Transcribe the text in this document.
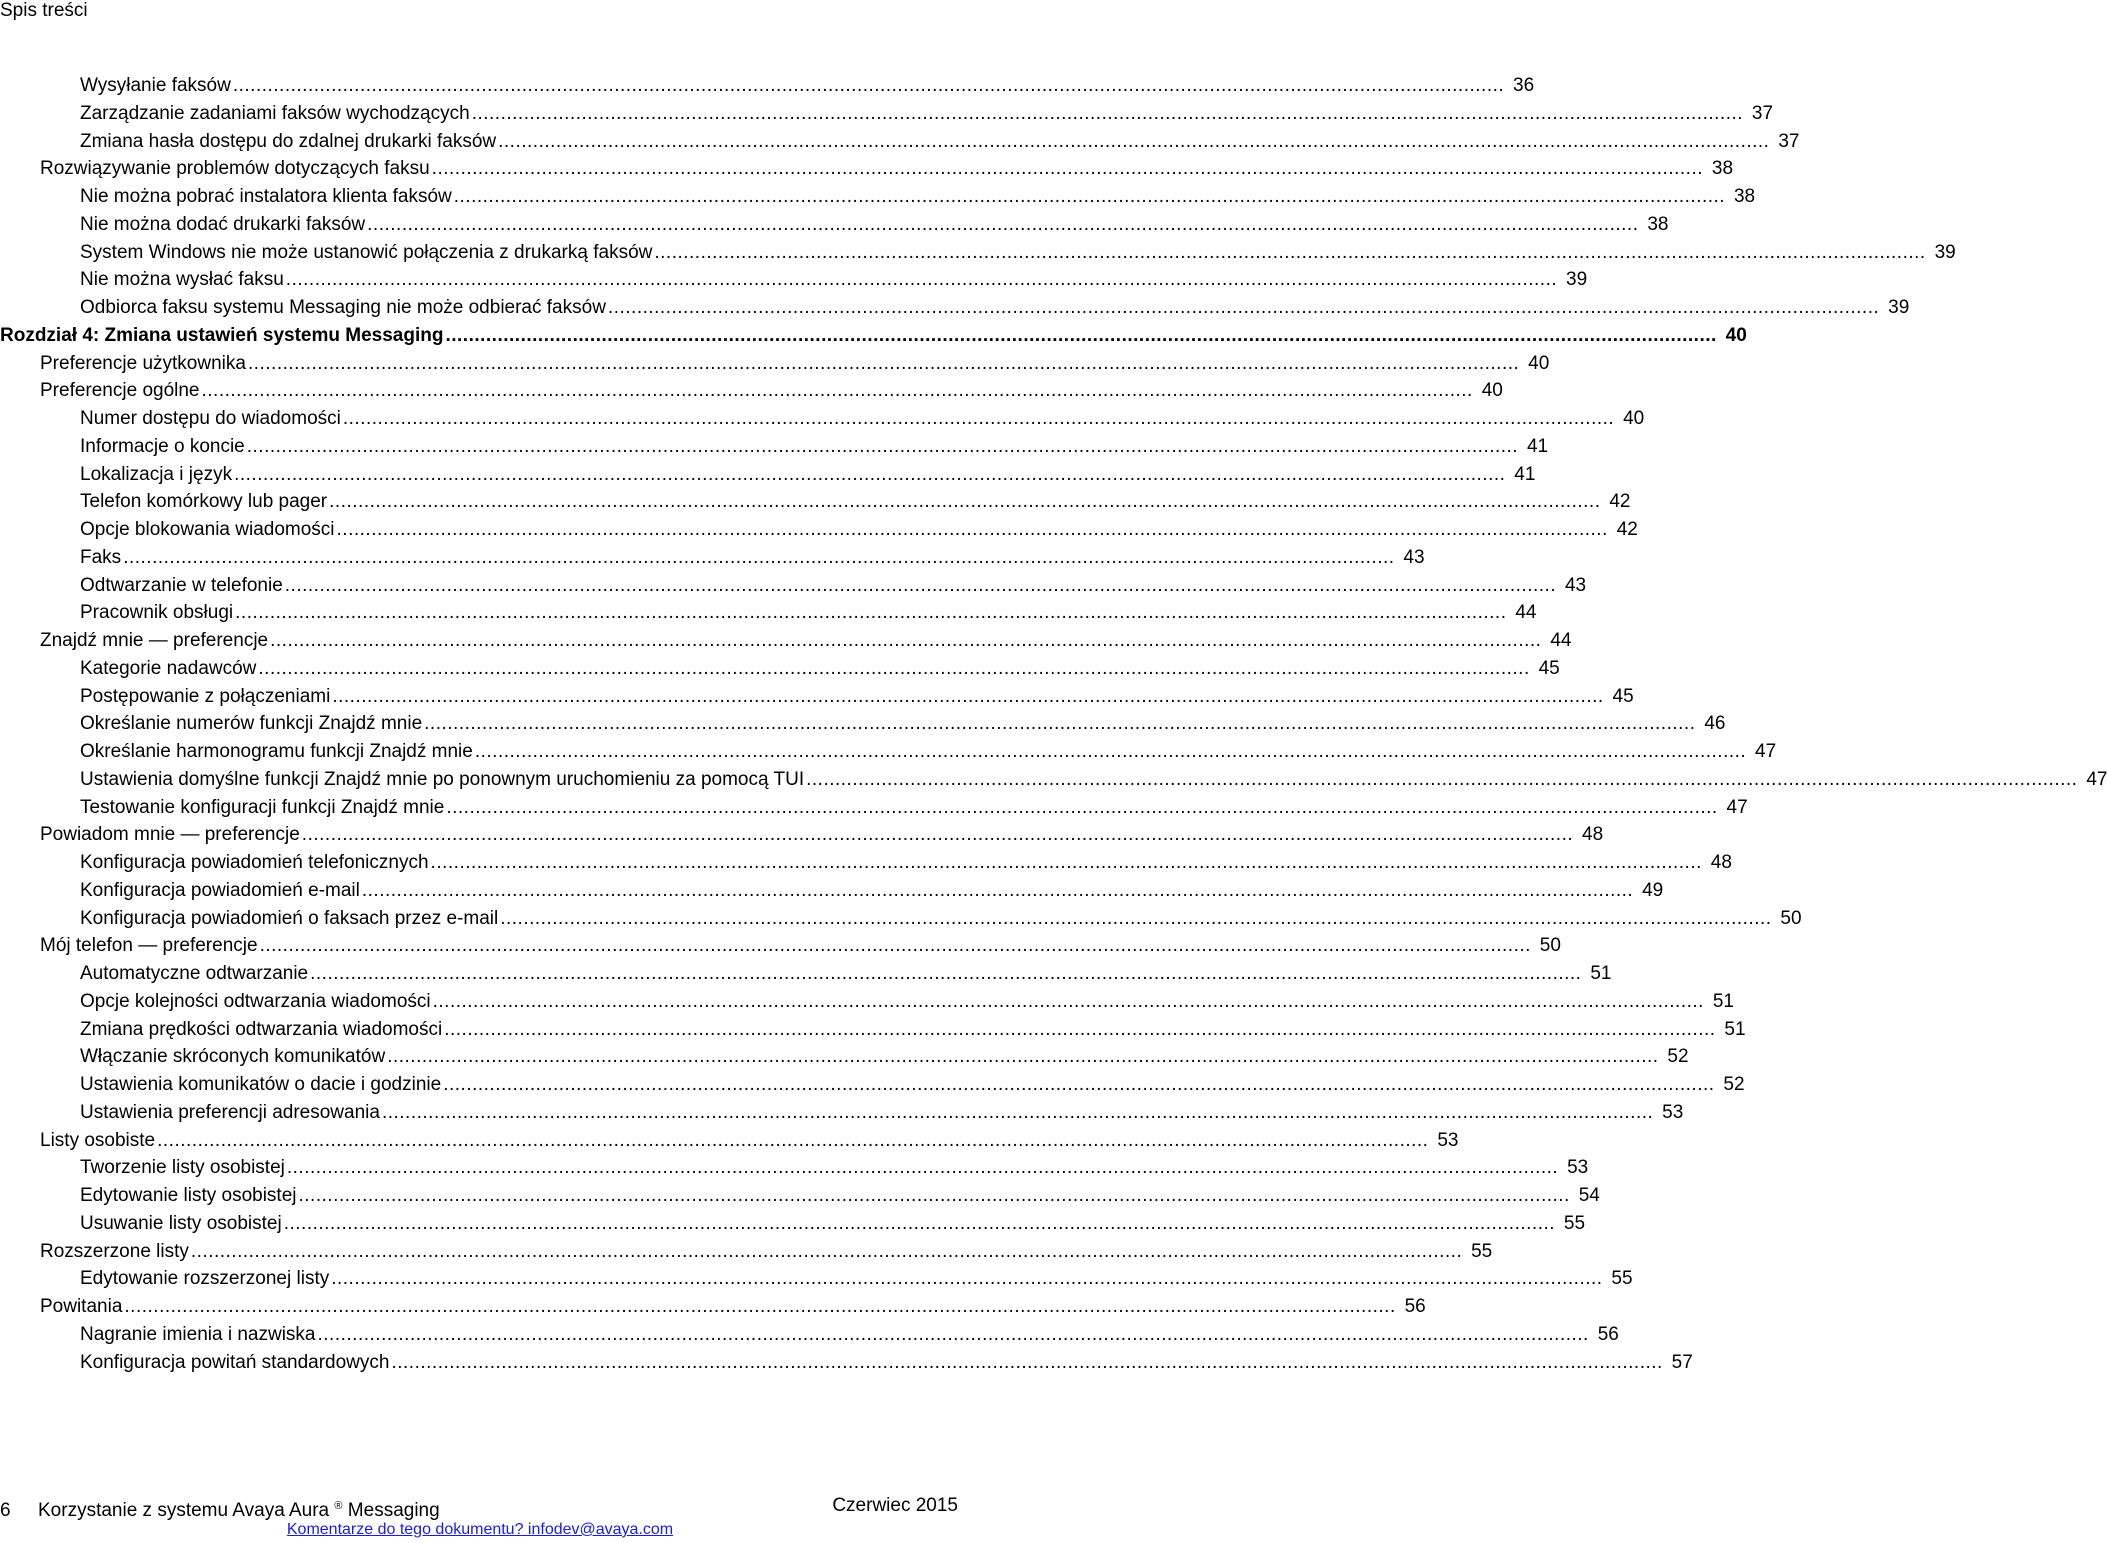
Spis treści
Wysyłanie faksów ............................................................................................................................................................................................................................ 36
Zarządzanie zadaniami faksów wychodzących ............................................................................................................................................................................................................................ 37
Zmiana hasła dostępu do zdalnej drukarki faksów ............................................................................................................................................................................................................................ 37
Rozwiązywanie problemów dotyczących faksu ............................................................................................................................................................................................................................ 38
Nie można pobrać instalatora klienta faksów ............................................................................................................................................................................................................................ 38
Nie można dodać drukarki faksów ............................................................................................................................................................................................................................ 38
System Windows nie może ustanowić połączenia z drukarką faksów ............................................................................................................................................................................................................................ 39
Nie można wysłać faksu ............................................................................................................................................................................................................................ 39
Odbiorca faksu systemu Messaging nie może odbierać faksów ............................................................................................................................................................................................................................ 39
Rozdział 4: Zmiana ustawień systemu Messaging ............................................................................................................................................................................................................................ 40
Preferencje użytkownika ............................................................................................................................................................................................................................ 40
Preferencje ogólne ............................................................................................................................................................................................................................ 40
Numer dostępu do wiadomości ............................................................................................................................................................................................................................ 40
Informacje o koncie ............................................................................................................................................................................................................................ 41
Lokalizacja i język ............................................................................................................................................................................................................................ 41
Telefon komórkowy lub pager ............................................................................................................................................................................................................................ 42
Opcje blokowania wiadomości ............................................................................................................................................................................................................................ 42
Faks ............................................................................................................................................................................................................................ 43
Odtwarzanie w telefonie ............................................................................................................................................................................................................................ 43
Pracownik obsługi ............................................................................................................................................................................................................................ 44
Znajdź mnie — preferencje ............................................................................................................................................................................................................................ 44
Kategorie nadawców ............................................................................................................................................................................................................................ 45
Postępowanie z połączeniami ............................................................................................................................................................................................................................ 45
Określanie numerów funkcji Znajdź mnie ............................................................................................................................................................................................................................ 46
Określanie harmonogramu funkcji Znajdź mnie ............................................................................................................................................................................................................................ 47
Ustawienia domyślne funkcji Znajdź mnie po ponownym uruchomieniu za pomocą TUI ............................................................................................................................................................................................................................ 47
Testowanie konfiguracji funkcji Znajdź mnie ............................................................................................................................................................................................................................ 47
Powiadom mnie — preferencje ............................................................................................................................................................................................................................ 48
Konfiguracja powiadomień telefonicznych ............................................................................................................................................................................................................................ 48
Konfiguracja powiadomień e-mail ............................................................................................................................................................................................................................ 49
Konfiguracja powiadomień o faksach przez e-mail ............................................................................................................................................................................................................................ 50
Mój telefon — preferencje ............................................................................................................................................................................................................................ 50
Automatyczne odtwarzanie ............................................................................................................................................................................................................................ 51
Opcje kolejności odtwarzania wiadomości ............................................................................................................................................................................................................................ 51
Zmiana prędkości odtwarzania wiadomości ............................................................................................................................................................................................................................ 51
Włączanie skróconych komunikatów ............................................................................................................................................................................................................................ 52
Ustawienia komunikatów o dacie i godzinie ............................................................................................................................................................................................................................ 52
Ustawienia preferencji adresowania ............................................................................................................................................................................................................................ 53
Listy osobiste ............................................................................................................................................................................................................................ 53
Tworzenie listy osobistej ............................................................................................................................................................................................................................ 53
Edytowanie listy osobistej ............................................................................................................................................................................................................................ 54
Usuwanie listy osobistej ............................................................................................................................................................................................................................ 55
Rozszerzone listy ............................................................................................................................................................................................................................ 55
Edytowanie rozszerzonej listy ............................................................................................................................................................................................................................ 55
Powitania ............................................................................................................................................................................................................................ 56
Nagranie imienia i nazwiska ............................................................................................................................................................................................................................ 56
Konfiguracja powitań standardowych ............................................................................................................................................................................................................................ 57
6 Korzystanie z systemu Avaya Aura ® Messaging	Czerwiec 2015
Komentarze do tego dokumentu? infodev@avaya.com
